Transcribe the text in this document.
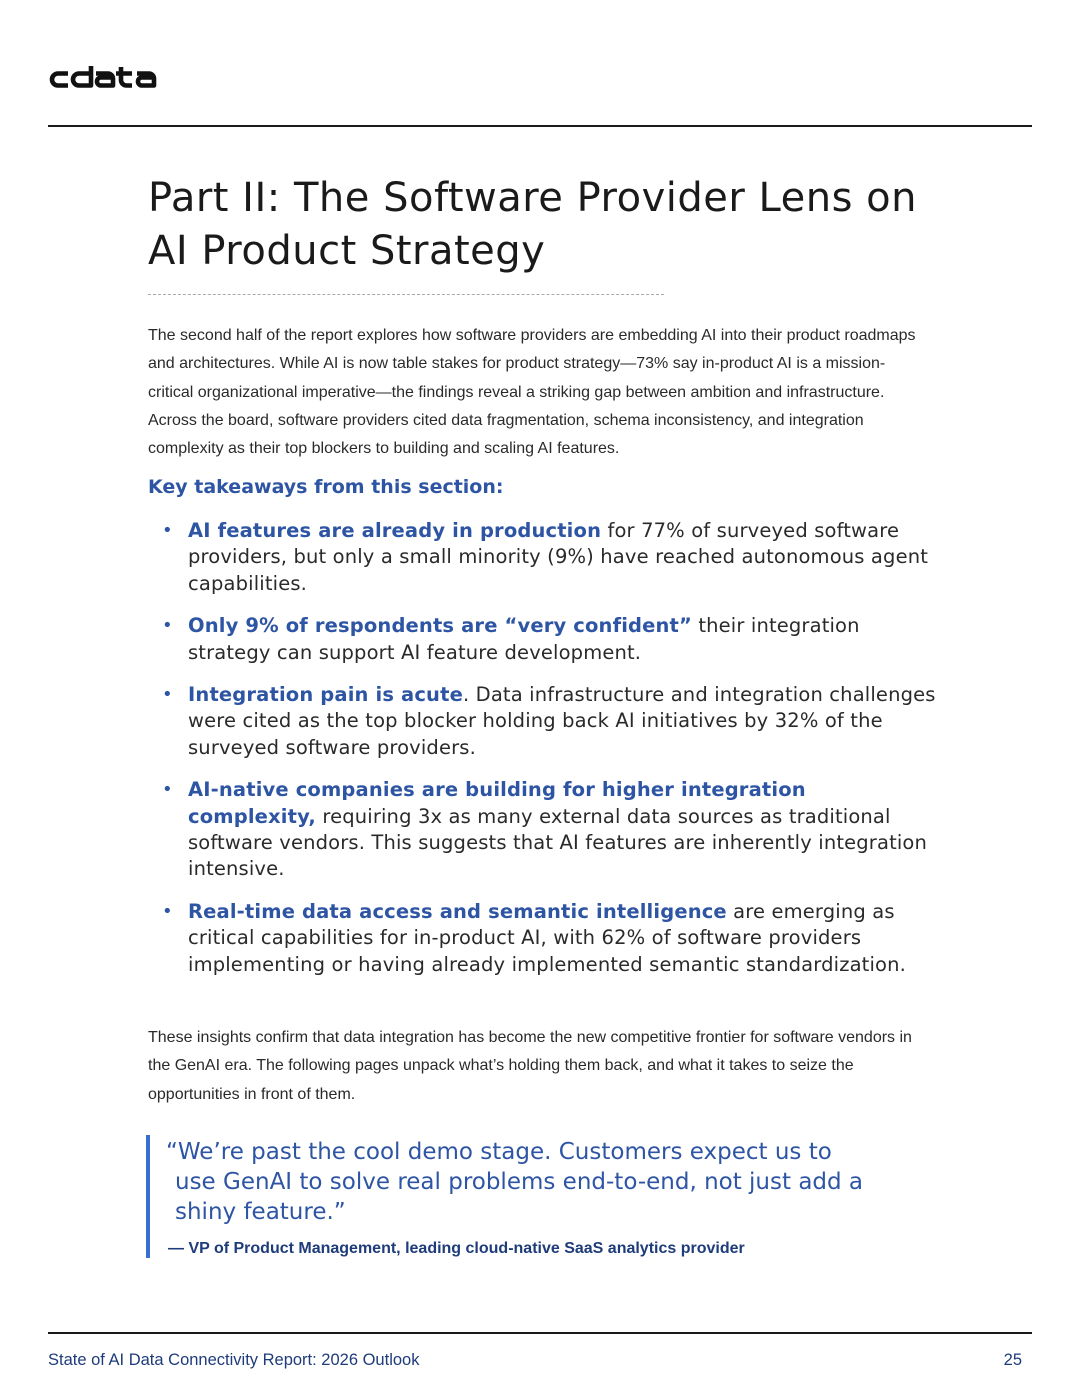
Part II: The Software Provider Lens on
AI Product Strategy

The second half of the report explores how software providers are embedding AI into their product roadmaps and architectures. While AI is now table stakes for product strategy—73% say in-product AI is a mission-critical organizational imperative—the findings reveal a striking gap between ambition and infrastructure. Across the board, software providers cited data fragmentation, schema inconsistency, and integration complexity as their top blockers to building and scaling AI features.

Key takeaways from this section:
• AI features are already in production for 77% of surveyed software providers, but only a small minority (9%) have reached autonomous agent capabilities.
• Only 9% of respondents are “very confident” their integration strategy can support AI feature development.
• Integration pain is acute. Data infrastructure and integration challenges were cited as the top blocker holding back AI initiatives by 32% of the surveyed software providers.
• AI-native companies are building for higher integration complexity, requiring 3x as many external data sources as traditional software vendors. This suggests that AI features are inherently integration intensive.
• Real-time data access and semantic intelligence are emerging as critical capabilities for in-product AI, with 62% of software providers implementing or having already implemented semantic standardization.

These insights confirm that data integration has become the new competitive frontier for software vendors in the GenAI era. The following pages unpack what’s holding them back, and what it takes to seize the opportunities in front of them.

“We’re past the cool demo stage. Customers expect us to
use GenAI to solve real problems end-to-end, not just add a
shiny feature.”
— VP of Product Management, leading cloud-native SaaS analytics provider
State of AI Data Connectivity Report: 2026 Outlook	25
